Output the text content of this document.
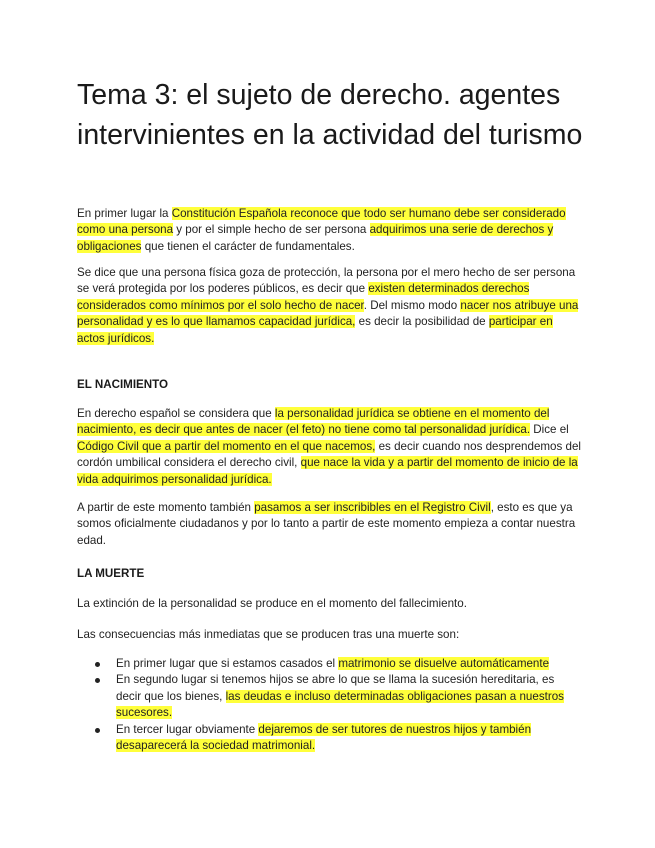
Tema 3: el sujeto de derecho. agentes intervinientes en la actividad del turismo

En primer lugar la Constitución Española reconoce que todo ser humano debe ser considerado como una persona y por el simple hecho de ser persona adquirimos una serie de derechos y obligaciones que tienen el carácter de fundamentales.

Se dice que una persona física goza de protección, la persona por el mero hecho de ser persona se verá protegida por los poderes públicos, es decir que existen determinados derechos considerados como mínimos por el solo hecho de nacer. Del mismo modo nacer nos atribuye una personalidad y es lo que llamamos capacidad jurídica, es decir la posibilidad de participar en actos jurídicos.

EL NACIMIENTO

En derecho español se considera que la personalidad jurídica se obtiene en el momento del nacimiento, es decir que antes de nacer (el feto) no tiene como tal personalidad jurídica. Dice el Código Civil que a partir del momento en el que nacemos, es decir cuando nos desprendemos del cordón umbilical considera el derecho civil, que nace la vida y a partir del momento de inicio de la vida adquirimos personalidad jurídica.

A partir de este momento también pasamos a ser inscribibles en el Registro Civil, esto es que ya somos oficialmente ciudadanos y por lo tanto a partir de este momento empieza a contar nuestra edad.

LA MUERTE

La extinción de la personalidad se produce en el momento del fallecimiento.

Las consecuencias más inmediatas que se producen tras una muerte son:

En primer lugar que si estamos casados el matrimonio se disuelve automáticamente
En segundo lugar si tenemos hijos se abre lo que se llama la sucesión hereditaria, es decir que los bienes, las deudas e incluso determinadas obligaciones pasan a nuestros sucesores.
En tercer lugar obviamente dejaremos de ser tutores de nuestros hijos y también desaparecerá la sociedad matrimonial.
